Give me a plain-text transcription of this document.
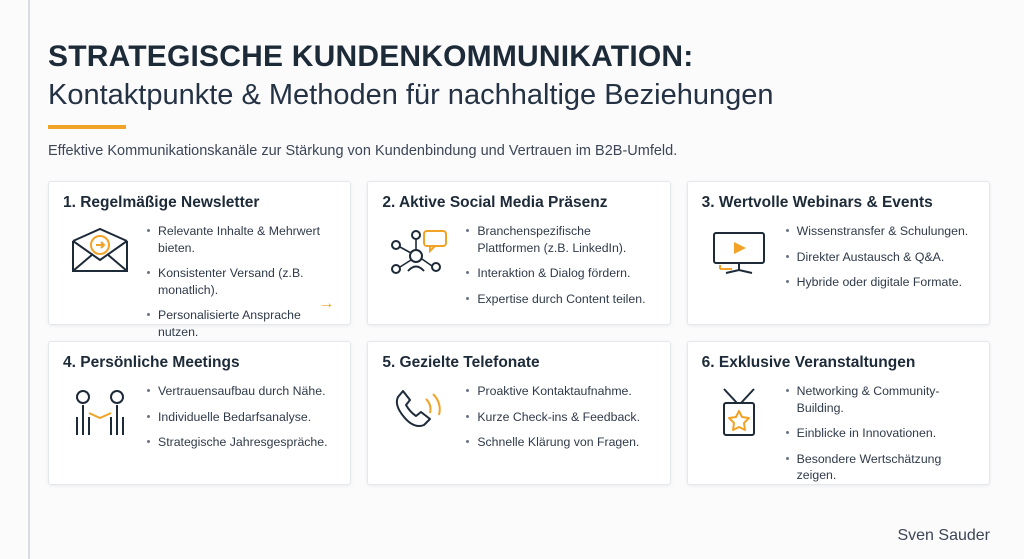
STRATEGISCHE KUNDENKOMMUNIKATION:
Kontaktpunkte & Methoden für nachhaltige Beziehungen
Effektive Kommunikationskanäle zur Stärkung von Kundenbindung und Vertrauen im B2B-Umfeld.
1. Regelmäßige Newsletter
Relevante Inhalte & Mehrwert bieten.
Konsistenter Versand (z.B. monatlich).
Personalisierte Ansprache nutzen.
→
2. Aktive Social Media Präsenz
Branchenspezifische Plattformen (z.B. LinkedIn).
Interaktion & Dialog fördern.
Expertise durch Content teilen.
3. Wertvolle Webinars & Events
Wissenstransfer & Schulungen.
Direkter Austausch & Q&A.
Hybride oder digitale Formate.
4. Persönliche Meetings
Vertrauensaufbau durch Nähe.
Individuelle Bedarfsanalyse.
Strategische Jahresgespräche.
5. Gezielte Telefonate
Proaktive Kontaktaufnahme.
Kurze Check-ins & Feedback.
Schnelle Klärung von Fragen.
6. Exklusive Veranstaltungen
Networking & Community-Building.
Einblicke in Innovationen.
Besondere Wertschätzung zeigen.
Sven Sauder
